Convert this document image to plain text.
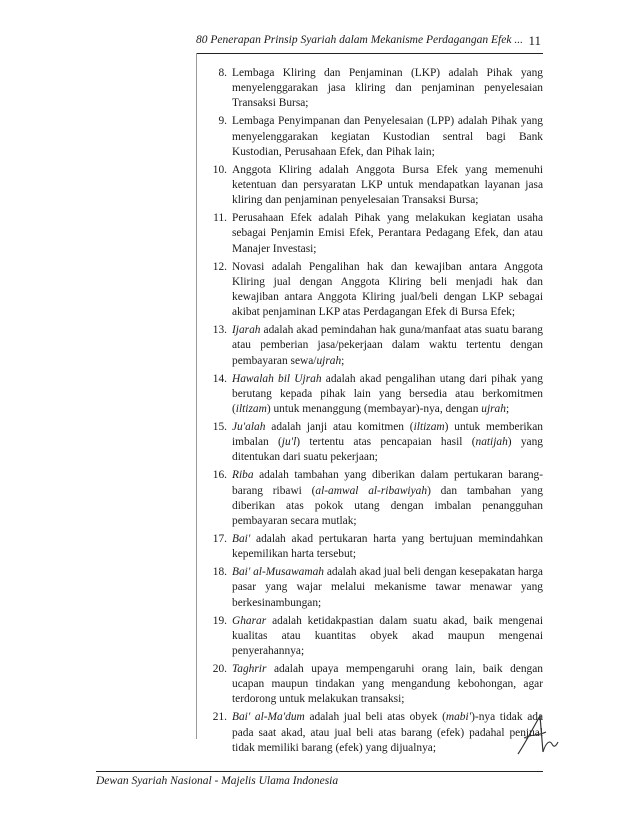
80 Penerapan Prinsip Syariah dalam Mekanisme Perdagangan Efek ... 11
8. Lembaga Kliring dan Penjaminan (LKP) adalah Pihak yang menyelenggarakan jasa kliring dan penjaminan penyelesaian Transaksi Bursa;
9. Lembaga Penyimpanan dan Penyelesaian (LPP) adalah Pihak yang menyelenggarakan kegiatan Kustodian sentral bagi Bank Kustodian, Perusahaan Efek, dan Pihak lain;
10. Anggota Kliring adalah Anggota Bursa Efek yang memenuhi ketentuan dan persyaratan LKP untuk mendapatkan layanan jasa kliring dan penjaminan penyelesaian Transaksi Bursa;
11. Perusahaan Efek adalah Pihak yang melakukan kegiatan usaha sebagai Penjamin Emisi Efek, Perantara Pedagang Efek, dan atau Manajer Investasi;
12. Novasi adalah Pengalihan hak dan kewajiban antara Anggota Kliring jual dengan Anggota Kliring beli menjadi hak dan kewajiban antara Anggota Kliring jual/beli dengan LKP sebagai akibat penjaminan LKP atas Perdagangan Efek di Bursa Efek;
13. Ijarah adalah akad pemindahan hak guna/manfaat atas suatu barang atau pemberian jasa/pekerjaan dalam waktu tertentu dengan pembayaran sewa/ujrah;
14. Hawalah bil Ujrah adalah akad pengalihan utang dari pihak yang berutang kepada pihak lain yang bersedia atau berkomitmen (iltizam) untuk menanggung (membayar)-nya, dengan ujrah;
15. Ju'alah adalah janji atau komitmen (iltizam) untuk memberikan imbalan (ju'l) tertentu atas pencapaian hasil (natijah) yang ditentukan dari suatu pekerjaan;
16. Riba adalah tambahan yang diberikan dalam pertukaran barang-barang ribawi (al-amwal al-ribawiyah) dan tambahan yang diberikan atas pokok utang dengan imbalan penangguhan pembayaran secara mutlak;
17. Bai' adalah akad pertukaran harta yang bertujuan memindahkan kepemilikan harta tersebut;
18. Bai' al-Musawamah adalah akad jual beli dengan kesepakatan harga pasar yang wajar melalui mekanisme tawar menawar yang berkesinambungan;
19. Gharar adalah ketidakpastian dalam suatu akad, baik mengenai kualitas atau kuantitas obyek akad maupun mengenai penyerahannya;
20. Taghrir adalah upaya mempengaruhi orang lain, baik dengan ucapan maupun tindakan yang mengandung kebohongan, agar terdorong untuk melakukan transaksi;
21. Bai' al-Ma'dum adalah jual beli atas obyek (mabi')-nya tidak ada pada saat akad, atau jual beli atas barang (efek) padahal penjual tidak memiliki barang (efek) yang dijualnya;
Dewan Syariah Nasional - Majelis Ulama Indonesia
